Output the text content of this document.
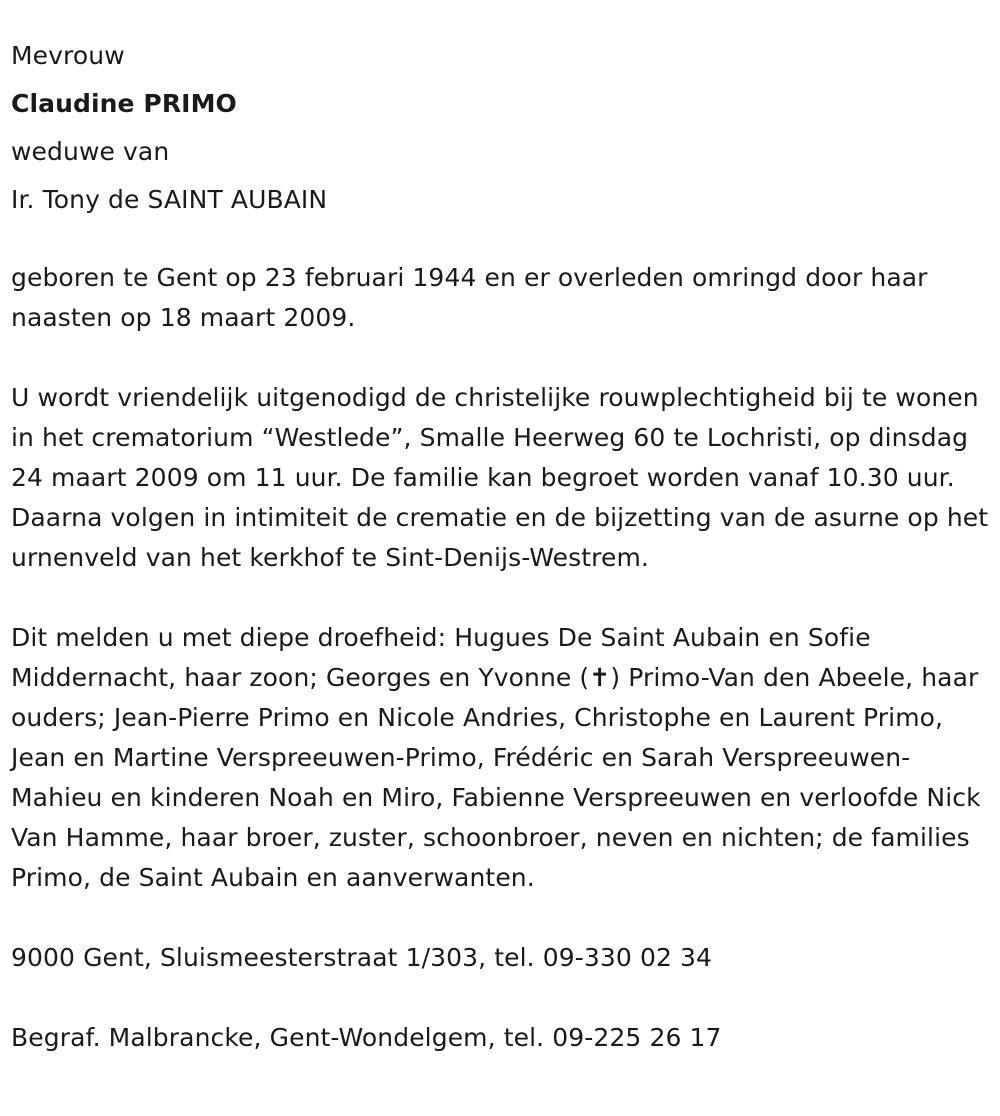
Mevrouw
Claudine PRIMO
weduwe van
Ir. Tony de SAINT AUBAIN

geboren te Gent op 23 februari 1944 en er overleden omringd door haar naasten op 18 maart 2009.

U wordt vriendelijk uitgenodigd de christelijke rouwplechtigheid bij te wonen in het crematorium “Westlede”, Smalle Heerweg 60 te Lochristi, op dinsdag 24 maart 2009 om 11 uur. De familie kan begroet worden vanaf 10.30 uur. Daarna volgen in intimiteit de crematie en de bijzetting van de asurne op het urnenveld van het kerkhof te Sint-Denijs-Westrem.

Dit melden u met diepe droefheid: Hugues De Saint Aubain en Sofie Middernacht, haar zoon; Georges en Yvonne (✝) Primo-Van den Abeele, haar ouders; Jean-Pierre Primo en Nicole Andries, Christophe en Laurent Primo, Jean en Martine Verspreeuwen-Primo, Frédéric en Sarah Verspreeuwen-Mahieu en kinderen Noah en Miro, Fabienne Verspreeuwen en verloofde Nick Van Hamme, haar broer, zuster, schoonbroer, neven en nichten; de families Primo, de Saint Aubain en aanverwanten.

9000 Gent, Sluismeesterstraat 1/303, tel. 09-330 02 34

Begraf. Malbrancke, Gent-Wondelgem, tel. 09-225 26 17
